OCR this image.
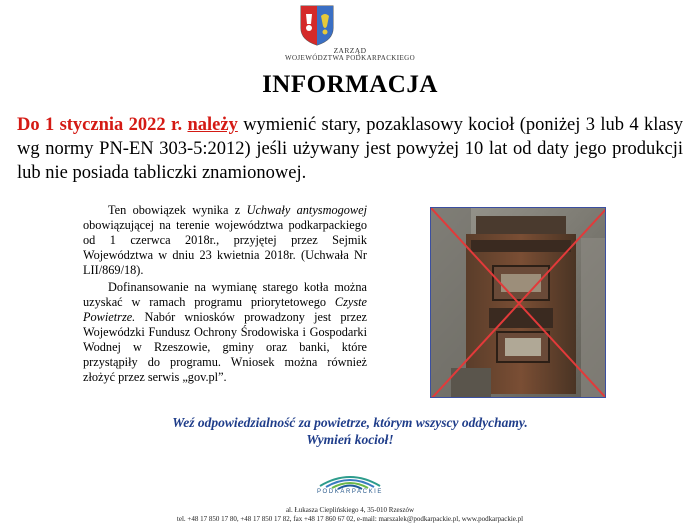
ZARZĄD
WOJEWÓDZTWA PODKARPACKIEGO
INFORMACJA
Do 1 stycznia 2022 r. należy wymienić stary, pozaklasowy kocioł (poniżej 3 lub 4 klasy wg normy PN-EN 303-5:2012) jeśli używany jest powyżej 10 lat od daty jego produkcji lub nie posiada tabliczki znamionowej.
Ten obowiązek wynika z Uchwały antysmogowej obowiązującej na terenie województwa podkarpackiego od 1 czerwca 2018r., przyjętej przez Sejmik Województwa w dniu 23 kwietnia 2018r. (Uchwała Nr LII/869/18).
Dofinansowanie na wymianę starego kotła można uzyskać w ramach programu priorytetowego Czyste Powietrze. Nabór wniosków prowadzony jest przez Wojewódzki Fundusz Ochrony Środowiska i Gospodarki Wodnej w Rzeszowie, gminy oraz banki, które przystąpiły do programu. Wniosek można również złożyć przez serwis „gov.pl”.
Weź odpowiedzialność za powietrze, którym wszyscy oddychamy.
Wymień kocioł!
PODKARPACKIE
al. Łukasza Cieplińskiego 4, 35-010 Rzeszów
tel. +48 17 850 17 80, +48 17 850 17 82, fax +48 17 860 67 02, e-mail: marszalek@podkarpackie.pl, www.podkarpackie.pl
